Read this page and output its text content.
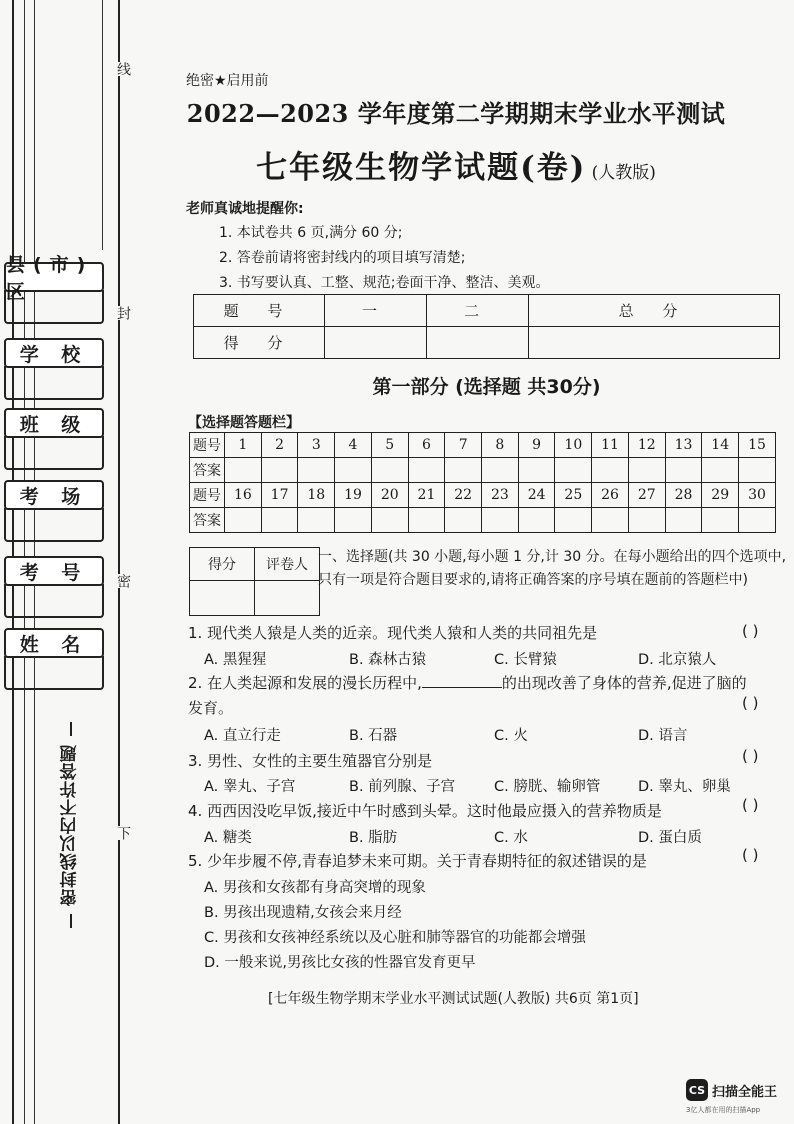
县(市)区
学 校
班 级
考 场
考 号
姓 名
线
封
密
下
密封线以内不许答题
绝密★启用前
2022—2023 学年度第二学期期末学业水平测试
七年级生物学试题(卷) (人教版)
老师真诚地提醒你:
1. 本试卷共 6 页,满分 60 分;
2. 答卷前请将密封线内的项目填写清楚;
3. 书写要认真、工整、规范;卷面干净、整洁、美观。
题 号	一	二	总 分
得 分			
第一部分 (选择题 共30分)
【选择题答题栏】
题号	1	2	3	4	5	6	7	8	9	10	11	12	13	14	15
答案															
题号	16	17	18	19	20	21	22	23	24	25	26	27	28	29	30
答案															
得分	评卷人
	一、选择题(共 30 小题,每小题 1 分,计 30 分。在每小题给出的四个选项中,只有一项是符合题目要求的,请将正确答案的序号填在题前的答题栏中)
1. 现代类人猿是人类的近亲。现代类人猿和人类的共同祖先是	( )
A. 黑猩猩	B. 森林古猿	C. 长臂猿	D. 北京猿人
2. 在人类起源和发展的漫长历程中,	的出现改善了身体的营养,促进了脑的
发育。	( )
A. 直立行走	B. 石器	C. 火	D. 语言
3. 男性、女性的主要生殖器官分别是	( )
A. 睾丸、子宫	B. 前列腺、子宫	C. 膀胱、输卵管	D. 睾丸、卵巢
4. 西西因没吃早饭,接近中午时感到头晕。这时他最应摄入的营养物质是	( )
A. 糖类	B. 脂肪	C. 水	D. 蛋白质
5. 少年步履不停,青春追梦未来可期。关于青春期特征的叙述错误的是	( )
A. 男孩和女孩都有身高突增的现象
B. 男孩出现遗精,女孩会来月经
C. 男孩和女孩神经系统以及心脏和肺等器官的功能都会增强
D. 一般来说,男孩比女孩的性器官发育更早
[七年级生物学期末学业水平测试试题(人教版) 共6页 第1页]
CS 扫描全能王
3亿人都在用的扫描App
